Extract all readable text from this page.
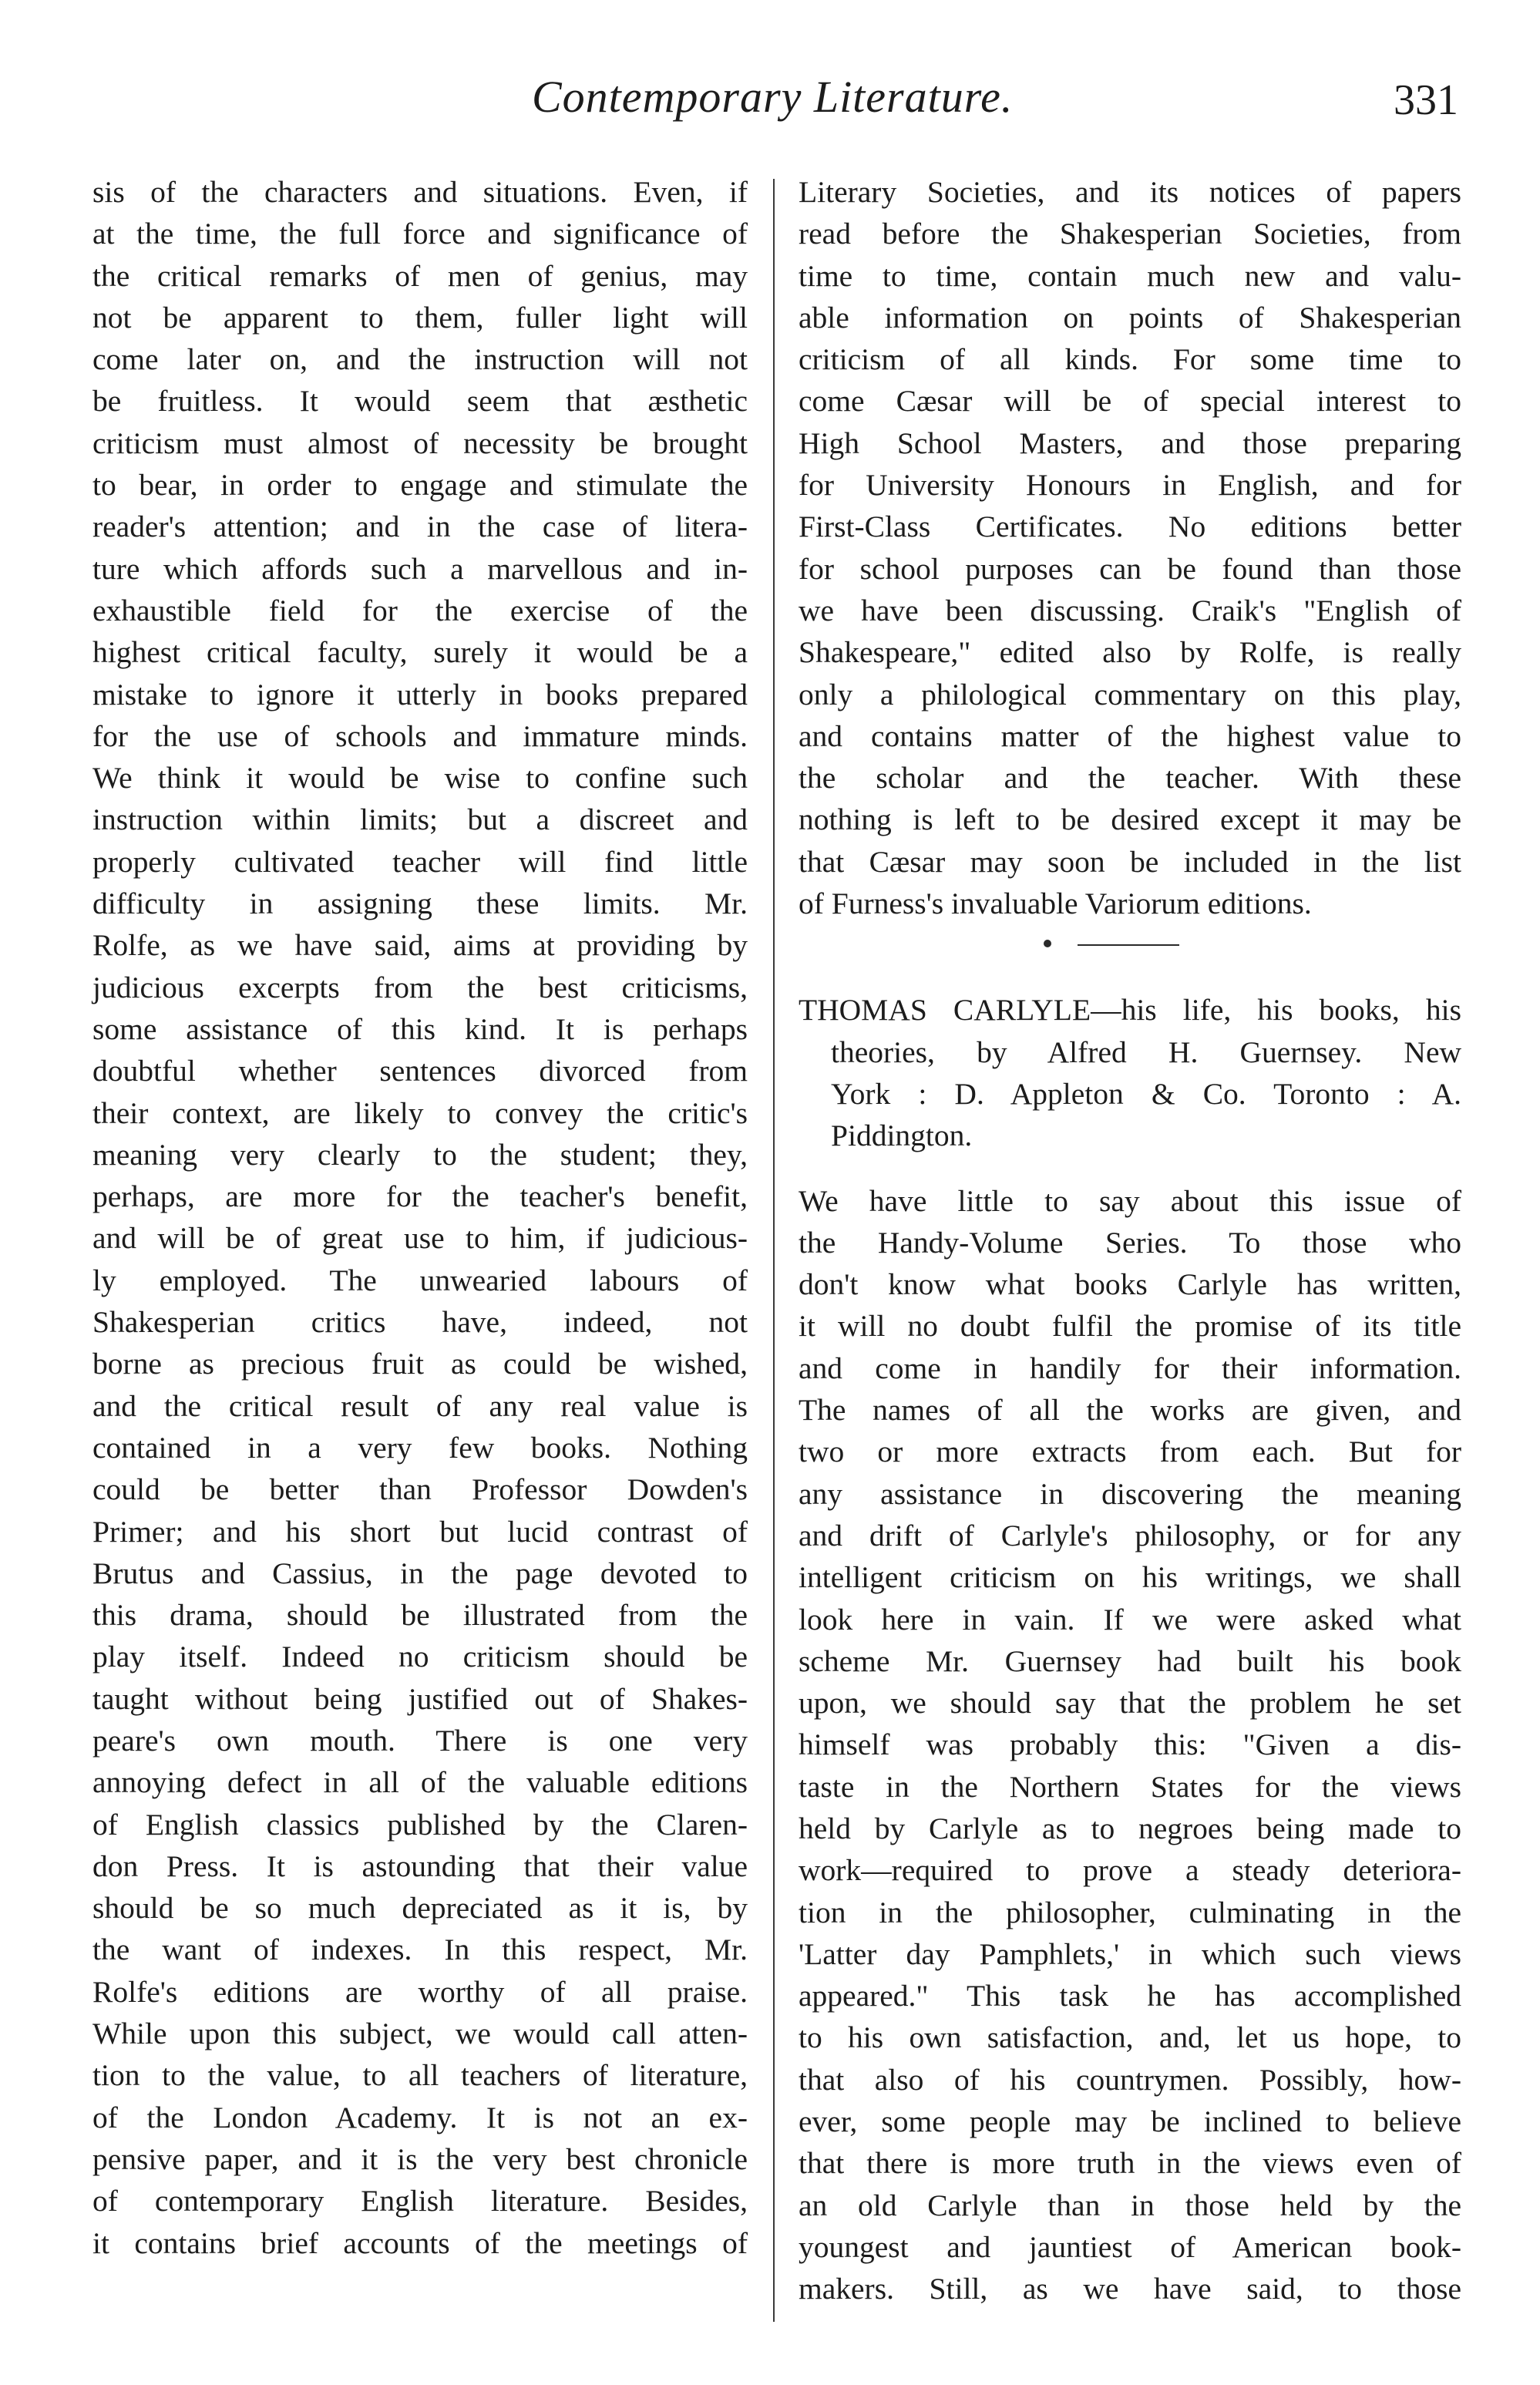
Contemporary Literature.	331
sis of the characters and situations. Even, if
at the time, the full force and significance of
the critical remarks of men of genius, may
not be apparent to them, fuller light will
come later on, and the instruction will not
be fruitless. It would seem that æsthetic
criticism must almost of necessity be brought
to bear, in order to engage and stimulate the
reader's attention; and in the case of litera-
ture which affords such a marvellous and in-
exhaustible field for the exercise of the
highest critical faculty, surely it would be a
mistake to ignore it utterly in books prepared
for the use of schools and immature minds.
We think it would be wise to confine such
instruction within limits; but a discreet and
properly cultivated teacher will find little
difficulty in assigning these limits. Mr.
Rolfe, as we have said, aims at providing by
judicious excerpts from the best criticisms,
some assistance of this kind. It is perhaps
doubtful whether sentences divorced from
their context, are likely to convey the critic's
meaning very clearly to the student; they,
perhaps, are more for the teacher's benefit,
and will be of great use to him, if judicious-
ly employed. The unwearied labours of
Shakesperian critics have, indeed, not
borne as precious fruit as could be wished,
and the critical result of any real value is
contained in a very few books. Nothing
could be better than Professor Dowden's
Primer; and his short but lucid contrast of
Brutus and Cassius, in the page devoted to
this drama, should be illustrated from the
play itself. Indeed no criticism should be
taught without being justified out of Shakes-
peare's own mouth. There is one very
annoying defect in all of the valuable editions
of English classics published by the Claren-
don Press. It is astounding that their value
should be so much depreciated as it is, by
the want of indexes. In this respect, Mr.
Rolfe's editions are worthy of all praise.
While upon this subject, we would call atten-
tion to the value, to all teachers of literature,
of the London Academy. It is not an ex-
pensive paper, and it is the very best chronicle
of contemporary English literature. Besides,
it contains brief accounts of the meetings of
Literary Societies, and its notices of papers
read before the Shakesperian Societies, from
time to time, contain much new and valu-
able information on points of Shakesperian
criticism of all kinds. For some time to
come Cæsar will be of special interest to
High School Masters, and those preparing
for University Honours in English, and for
First-Class Certificates. No editions better
for school purposes can be found than those
we have been discussing. Craik's "English of
Shakespeare," edited also by Rolfe, is really
only a philological commentary on this play,
and contains matter of the highest value to
the scholar and the teacher. With these
nothing is left to be desired except it may be
that Cæsar may soon be included in the list
of Furness's invaluable Variorum editions.
THOMAS CARLYLE—his life, his books, his
theories, by Alfred H. Guernsey. New
York : D. Appleton & Co. Toronto : A.
Piddington.
We have little to say about this issue of
the Handy-Volume Series. To those who
don't know what books Carlyle has written,
it will no doubt fulfil the promise of its title
and come in handily for their information.
The names of all the works are given, and
two or more extracts from each. But for
any assistance in discovering the meaning
and drift of Carlyle's philosophy, or for any
intelligent criticism on his writings, we shall
look here in vain. If we were asked what
scheme Mr. Guernsey had built his book
upon, we should say that the problem he set
himself was probably this: "Given a dis-
taste in the Northern States for the views
held by Carlyle as to negroes being made to
work—required to prove a steady deteriora-
tion in the philosopher, culminating in the
'Latter day Pamphlets,' in which such views
appeared." This task he has accomplished
to his own satisfaction, and, let us hope, to
that also of his countrymen. Possibly, how-
ever, some people may be inclined to believe
that there is more truth in the views even of
an old Carlyle than in those held by the
youngest and jauntiest of American book-
makers. Still, as we have said, to those
